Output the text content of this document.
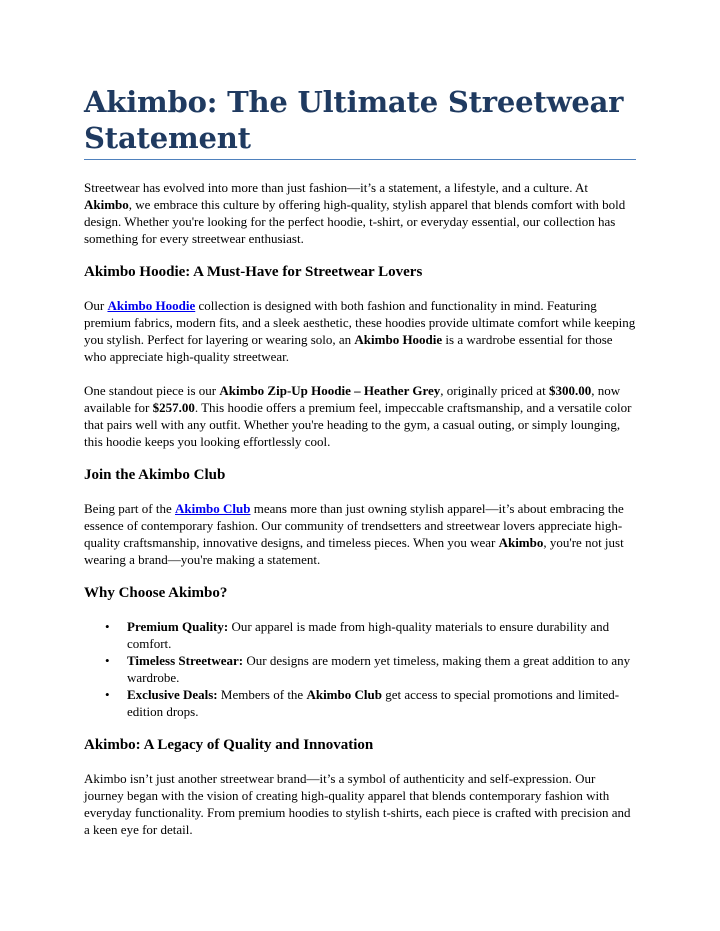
Akimbo: The Ultimate Streetwear Statement

Streetwear has evolved into more than just fashion—it’s a statement, a lifestyle, and a culture. At Akimbo, we embrace this culture by offering high-quality, stylish apparel that blends comfort with bold design. Whether you're looking for the perfect hoodie, t-shirt, or everyday essential, our collection has something for every streetwear enthusiast.

Akimbo Hoodie: A Must-Have for Streetwear Lovers

Our Akimbo Hoodie collection is designed with both fashion and functionality in mind. Featuring premium fabrics, modern fits, and a sleek aesthetic, these hoodies provide ultimate comfort while keeping you stylish. Perfect for layering or wearing solo, an Akimbo Hoodie is a wardrobe essential for those who appreciate high-quality streetwear.

One standout piece is our Akimbo Zip-Up Hoodie – Heather Grey, originally priced at $300.00, now available for $257.00. This hoodie offers a premium feel, impeccable craftsmanship, and a versatile color that pairs well with any outfit. Whether you're heading to the gym, a casual outing, or simply lounging, this hoodie keeps you looking effortlessly cool.

Join the Akimbo Club

Being part of the Akimbo Club means more than just owning stylish apparel—it’s about embracing the essence of contemporary fashion. Our community of trendsetters and streetwear lovers appreciate high-quality craftsmanship, innovative designs, and timeless pieces. When you wear Akimbo, you're not just wearing a brand—you're making a statement.

Why Choose Akimbo?
• Premium Quality: Our apparel is made from high-quality materials to ensure durability and comfort.
• Timeless Streetwear: Our designs are modern yet timeless, making them a great addition to any wardrobe.
• Exclusive Deals: Members of the Akimbo Club get access to special promotions and limited-edition drops.
Akimbo: A Legacy of Quality and Innovation

Akimbo isn’t just another streetwear brand—it’s a symbol of authenticity and self-expression. Our journey began with the vision of creating high-quality apparel that blends contemporary fashion with everyday functionality. From premium hoodies to stylish t-shirts, each piece is crafted with precision and a keen eye for detail.
